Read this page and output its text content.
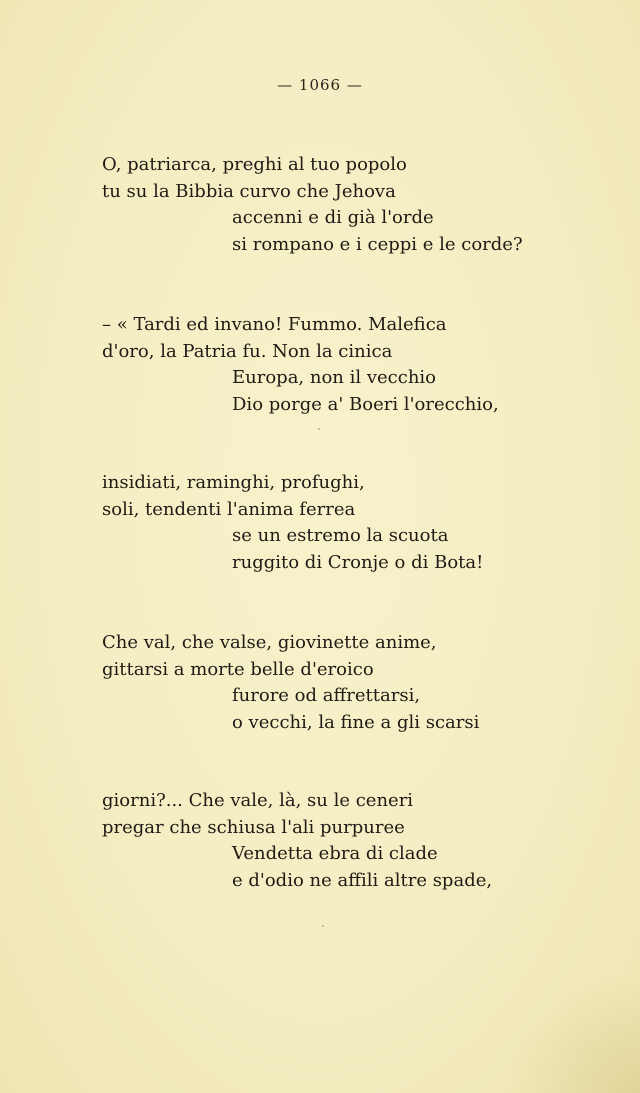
— 1066 —
O, patriarca, preghi al tuo popolo
tu su la Bibbia curvo che Jehova
accenni e di già l'orde
si rompano e i ceppi e le corde?
– « Tardi ed invano! Fummo. Malefica
d'oro, la Patria fu. Non la cinica
Europa, non il vecchio
Dio porge a' Boeri l'orecchio,
insidiati, raminghi, profughi,
soli, tendenti l'anima ferrea
se un estremo la scuota
ruggito di Cronje o di Bota!
Che val, che valse, giovinette anime,
gittarsi a morte belle d'eroico
furore od affrettarsi,
o vecchi, la fine a gli scarsi
giorni?... Che vale, là, su le ceneri
pregar che schiusa l'ali purpuree
Vendetta ebra di clade
e d'odio ne affili altre spade,
